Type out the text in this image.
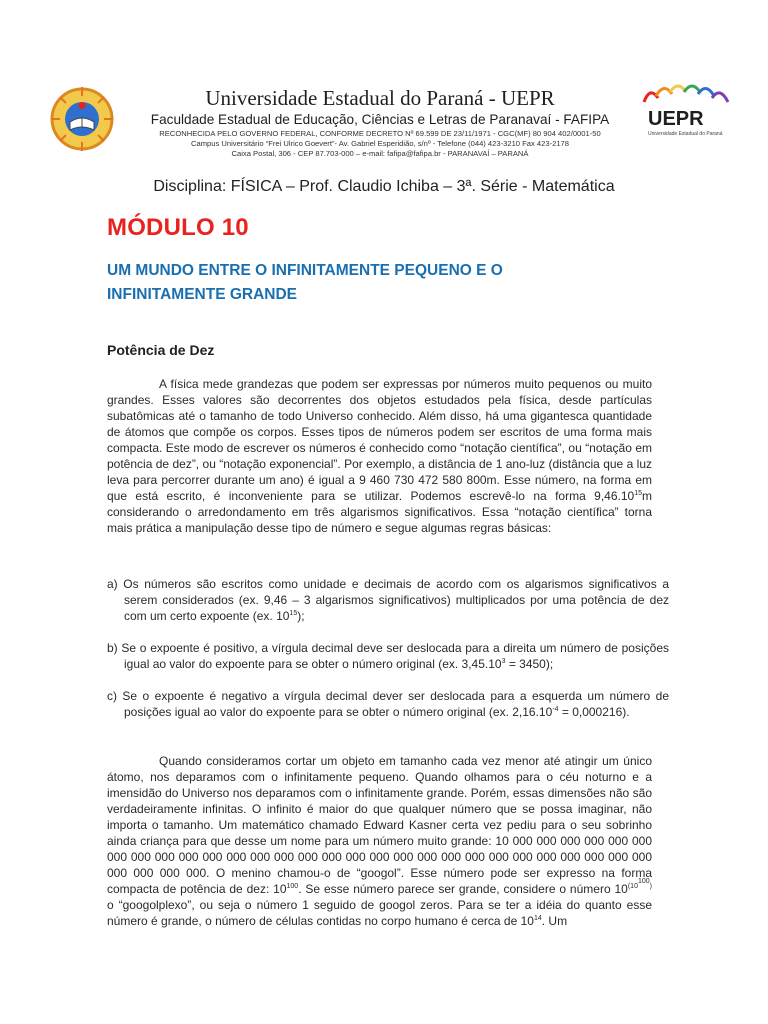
Universidade Estadual do Paraná - UEPR
Faculdade Estadual de Educação, Ciências e Letras de Paranavaí - FAFIPA
RECONHECIDA PELO GOVERNO FEDERAL, CONFORME DECRETO Nº 69.599 DE 23/11/1971 - CGC(MF) 80 904 402/0001-50
Campus Universitário “Frei Ulrico Goevert”- Av. Gabriel Esperidião, s/nº - Telefone (044) 423-3210 Fax 423-2178
Caixa Postal, 306 - CEP 87.703-000 – e-mail: fafipa@fafipa.br - PARANAVAÍ – PARANÁ
UEPR
Universidade Estadual do Paraná
Disciplina: FÍSICA – Prof. Claudio Ichiba – 3ª. Série - Matemática
MÓDULO 10
UM MUNDO ENTRE O INFINITAMENTE PEQUENO E O INFINITAMENTE GRANDE
Potência de Dez
A física mede grandezas que podem ser expressas por números muito pequenos ou muito grandes. Esses valores são decorrentes dos objetos estudados pela física, desde partículas subatômicas até o tamanho de todo Universo conhecido. Além disso, há uma gigantesca quantidade de átomos que compõe os corpos. Esses tipos de números podem ser escritos de uma forma mais compacta. Este modo de escrever os números é conhecido como “notação científica”, ou “notação em potência de dez”, ou “notação exponencial”. Por exemplo, a distância de 1 ano-luz (distância que a luz leva para percorrer durante um ano) é igual a 9 460 730 472 580 800m. Esse número, na forma em que está escrito, é inconveniente para se utilizar. Podemos escrevê-lo na forma 9,46.10$^{15}$m considerando o arredondamento em três algarismos significativos. Essa “notação científica” torna mais prática a manipulação desse tipo de número e segue algumas regras básicas:
a) Os números são escritos como unidade e decimais de acordo com os algarismos significativos a serem considerados (ex. 9,46 – 3 algarismos significativos) multiplicados por uma potência de dez com um certo expoente (ex. $10^{15}$);
b) Se o expoente é positivo, a vírgula decimal deve ser deslocada para a direita um número de posições igual ao valor do expoente para se obter o número original (ex. $3,45.10^3 = 3450$);
c) Se o expoente é negativo a vírgula decimal dever ser deslocada para a esquerda um número de posições igual ao valor do expoente para se obter o número original (ex. $2,16.10^{-4} = 0,000216$).
Quando consideramos cortar um objeto em tamanho cada vez menor até atingir um único átomo, nos deparamos com o infinitamente pequeno. Quando olhamos para o céu noturno e a imensidão do Universo nos deparamos com o infinitamente grande. Porém, essas dimensões não são verdadeiramente infinitas. O infinito é maior do que qualquer número que se possa imaginar, não importa o tamanho. Um matemático chamado Edward Kasner certa vez pediu para o seu sobrinho ainda criança para que desse um nome para um número muito grande: 10 000 000 000 000 000 000 000 000 000 000 000 000 000 000 000 000 000 000 000 000 000 000 000 000 000 000 000 000 000 000 000 000 000. O menino chamou-o de “googol”. Esse número pode ser expresso na forma compacta de potência de dez: $10^{100}$. Se esse número parece ser grande, considere o número $10^{(10^{100})}$ o “googolplexo”, ou seja o número 1 seguido de googol zeros. Para se ter a idéia do quanto esse número é grande, o número de células contidas no corpo humano é cerca de $10^{14}$. Um
